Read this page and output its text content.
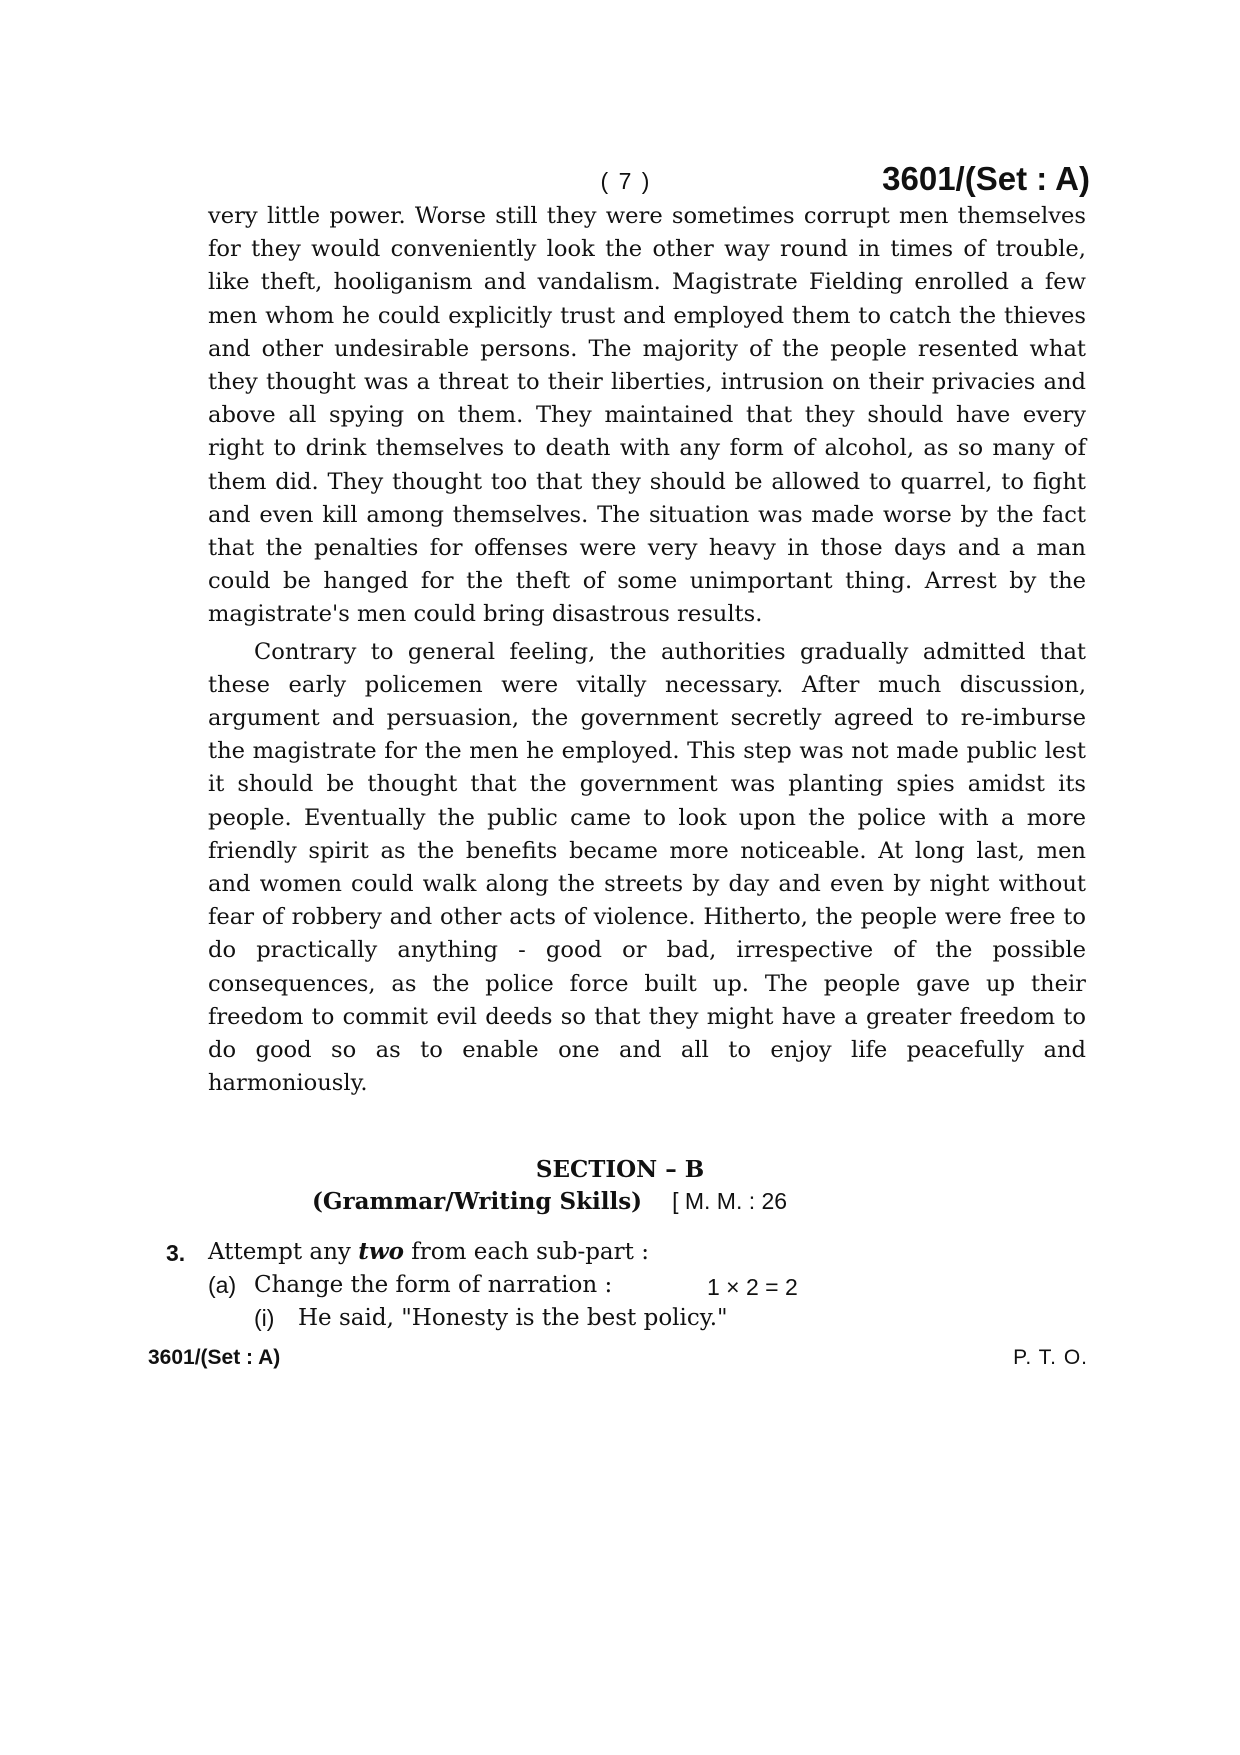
( 7 )	3601/(Set : A)

very little power. Worse still they were sometimes corrupt men themselves for they would conveniently look the other way round in times of trouble, like theft, hooliganism and vandalism. Magistrate Fielding enrolled a few men whom he could explicitly trust and employed them to catch the thieves and other undesirable persons. The majority of the people resented what they thought was a threat to their liberties, intrusion on their privacies and above all spying on them. They maintained that they should have every right to drink themselves to death with any form of alcohol, as so many of them did. They thought too that they should be allowed to quarrel, to fight and even kill among themselves. The situation was made worse by the fact that the penalties for offenses were very heavy in those days and a man could be hanged for the theft of some unimportant thing. Arrest by the magistrate's men could bring disastrous results.

Contrary to general feeling, the authorities gradually admitted that these early policemen were vitally necessary. After much discussion, argument and persuasion, the government secretly agreed to re-imburse the magistrate for the men he employed. This step was not made public lest it should be thought that the government was planting spies amidst its people. Eventually the public came to look upon the police with a more friendly spirit as the benefits became more noticeable. At long last, men and women could walk along the streets by day and even by night without fear of robbery and other acts of violence. Hitherto, the people were free to do practically anything - good or bad, irrespective of the possible consequences, as the police force built up. The people gave up their freedom to commit evil deeds so that they might have a greater freedom to do good so as to enable one and all to enjoy life peacefully and harmoniously.

SECTION – B
(Grammar/Writing Skills) [ M. M. : 26
3. Attempt any two from each sub-part :
(a) Change the form of narration :	1 × 2 = 2
(i) He said, "Honesty is the best policy."
3601/(Set : A)	P. T. O.
